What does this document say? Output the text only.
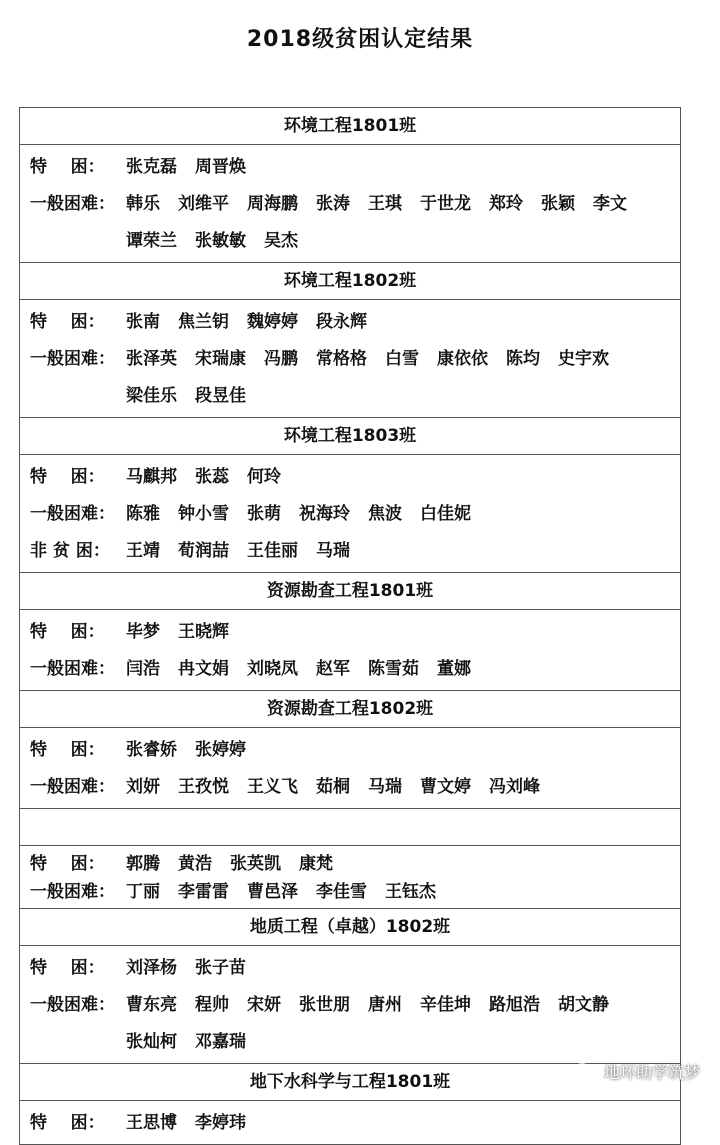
2018级贫困认定结果
环境工程1801班
特    困：	张克磊 周晋焕
一般困难： 韩乐 刘维平 周海鹏 张涛 王琪 于世龙 郑玲 张颖 李文
谭荣兰 张敏敏 吴杰
环境工程1802班
特    困：	张南 焦兰钥 魏婷婷 段永辉
一般困难： 张泽英 宋瑞康 冯鹏 常格格 白雪 康依依 陈均 史宇欢
梁佳乐 段昱佳
环境工程1803班
特    困：	马麒邦 张蕊 何玲
一般困难： 陈雅 钟小雪 张萌 祝海玲 焦波 白佳妮
非 贫 困： 王靖 荀润喆 王佳丽 马瑞
资源勘查工程1801班
特    困：	毕梦 王晓辉
一般困难： 闫浩 冉文娟 刘晓凤 赵军 陈雪茹 董娜
资源勘查工程1802班
特    困：	张睿娇 张婷婷
一般困难： 刘妍 王孜悦 王义飞 茹桐 马瑞 曹文婷 冯刘峰
特    困：	郭腾 黄浩 张英凯 康梵
一般困难： 丁丽 李雷雷 曹邑泽 李佳雪 王钰杰
地质工程（卓越）1802班
特    困：	刘泽杨 张子苗
一般困难： 曹东亮 程帅 宋妍 张世朋 唐州 辛佳坤 路旭浩 胡文静
张灿柯 邓嘉瑞
地下水科学与工程1801班
特    困：	王思博 李婷玮
地环助学筑梦
